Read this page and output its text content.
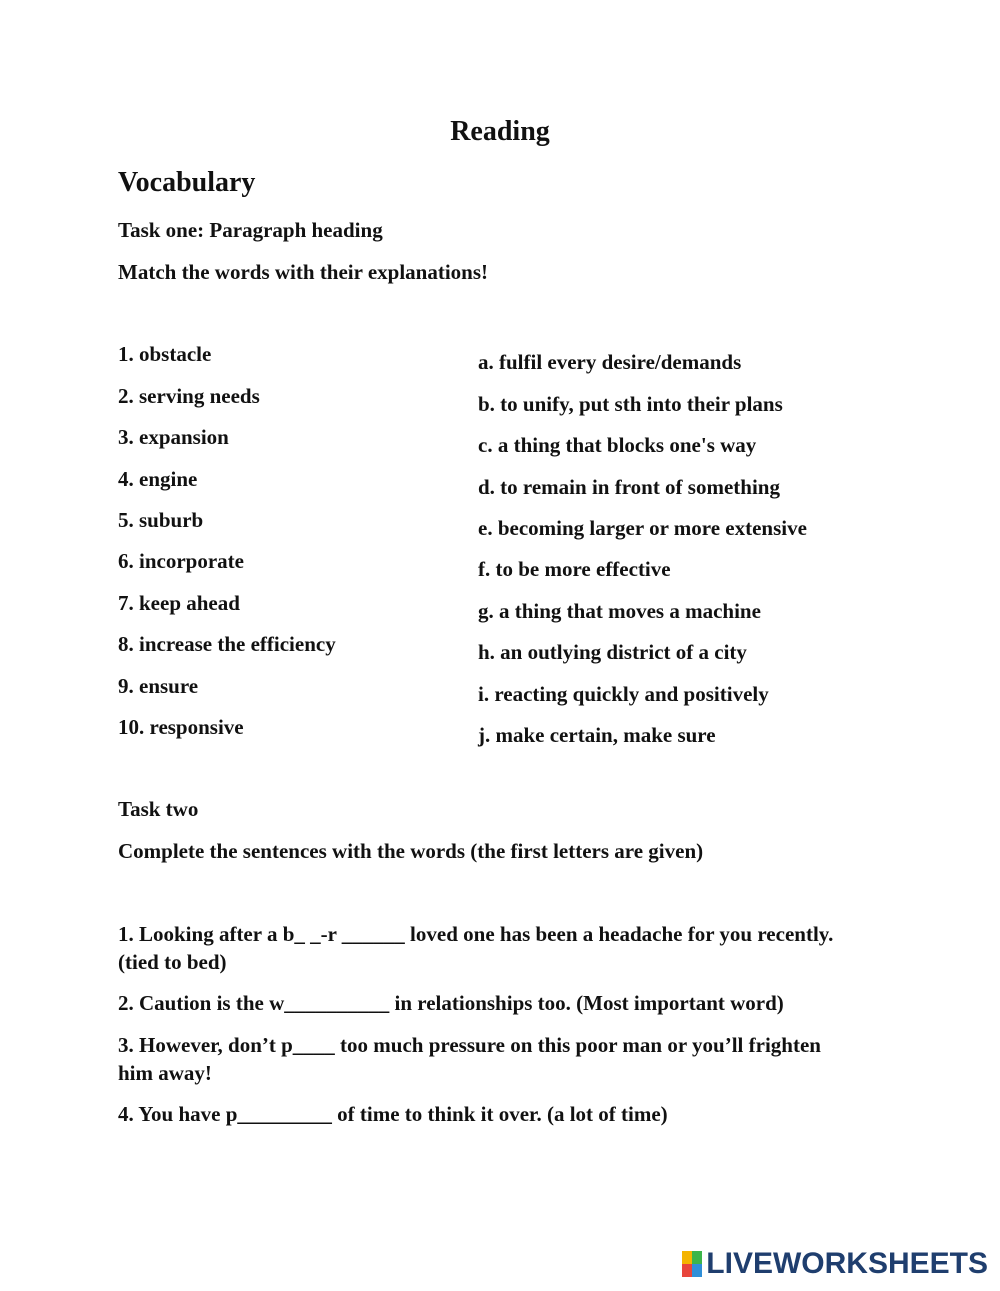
Reading
Vocabulary
Task one: Paragraph heading
Match the words with their explanations!
1. obstacle
2. serving needs
3. expansion
4. engine
5. suburb
6. incorporate
7. keep ahead
8. increase the efficiency
9. ensure
10. responsive
a. fulfil every desire/demands
b. to unify, put sth into their plans
c. a thing that blocks one's way
d. to remain in front of something
e. becoming larger or more extensive
f. to be more effective
g. a thing that moves a machine
h. an outlying district of a city
i. reacting quickly and positively
j. make certain, make sure
Task two
Complete the sentences with the words (the first letters are given)
1. Looking after a b_ _-r ______ loved one has been a headache for you recently. (tied to bed)
2. Caution is the w__________ in relationships too. (Most important word)
3. However, don’t p____ too much pressure on this poor man or you’ll frighten him away!
4. You have p_________ of time to think it over. (a lot of time)
LIVEWORKSHEETS
